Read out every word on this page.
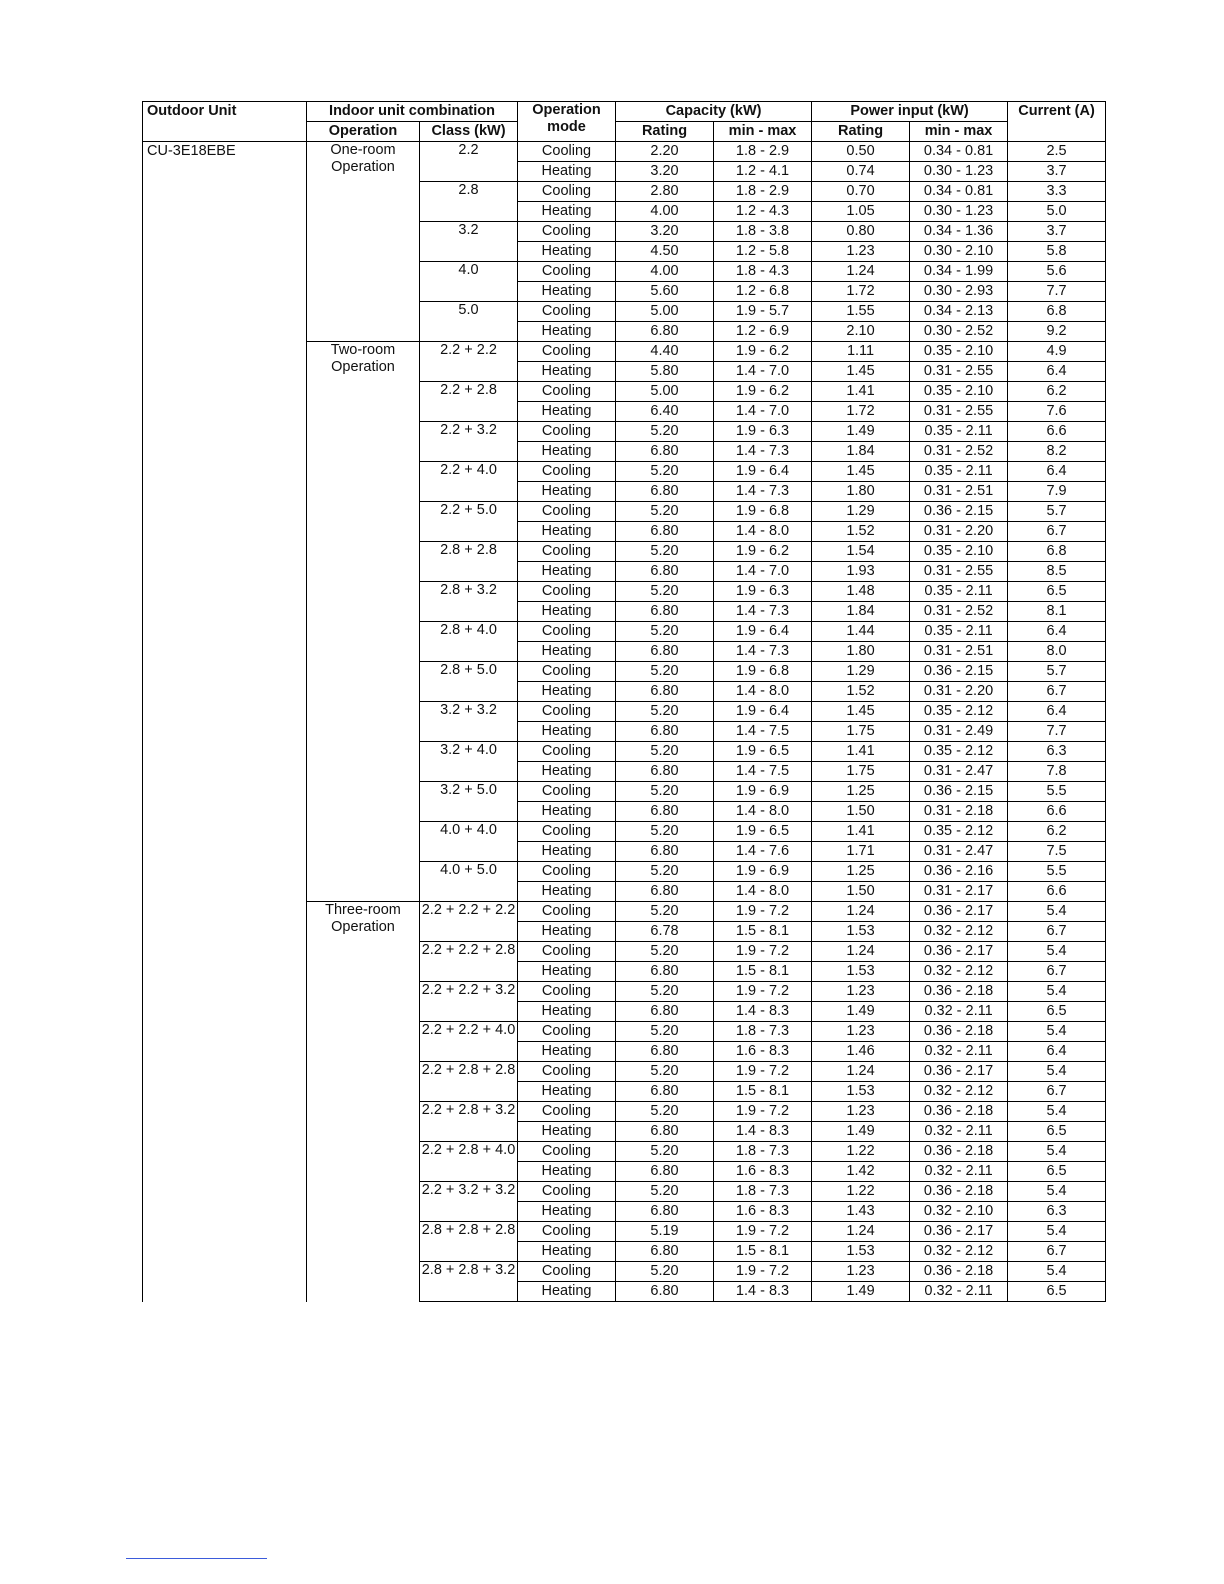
Outdoor Unit	Indoor unit combination		Operation mode	Capacity (kW)		Power input (kW)		Current (A)
	Operation	Class (kW)		Rating	min - max	Rating	min - max	
CU-3E18EBE	One-room Operation	2.2	Cooling	2.20	1.8 - 2.9	0.50	0.34 - 0.81	2.5
			Heating	3.20	1.2 - 4.1	0.74	0.30 - 1.23	3.7
		2.8	Cooling	2.80	1.8 - 2.9	0.70	0.34 - 0.81	3.3
			Heating	4.00	1.2 - 4.3	1.05	0.30 - 1.23	5.0
		3.2	Cooling	3.20	1.8 - 3.8	0.80	0.34 - 1.36	3.7
			Heating	4.50	1.2 - 5.8	1.23	0.30 - 2.10	5.8
		4.0	Cooling	4.00	1.8 - 4.3	1.24	0.34 - 1.99	5.6
			Heating	5.60	1.2 - 6.8	1.72	0.30 - 2.93	7.7
		5.0	Cooling	5.00	1.9 - 5.7	1.55	0.34 - 2.13	6.8
			Heating	6.80	1.2 - 6.9	2.10	0.30 - 2.52	9.2
	Two-room Operation	2.2 + 2.2	Cooling	4.40	1.9 - 6.2	1.11	0.35 - 2.10	4.9
			Heating	5.80	1.4 - 7.0	1.45	0.31 - 2.55	6.4
		2.2 + 2.8	Cooling	5.00	1.9 - 6.2	1.41	0.35 - 2.10	6.2
			Heating	6.40	1.4 - 7.0	1.72	0.31 - 2.55	7.6
		2.2 + 3.2	Cooling	5.20	1.9 - 6.3	1.49	0.35 - 2.11	6.6
			Heating	6.80	1.4 - 7.3	1.84	0.31 - 2.52	8.2
		2.2 + 4.0	Cooling	5.20	1.9 - 6.4	1.45	0.35 - 2.11	6.4
			Heating	6.80	1.4 - 7.3	1.80	0.31 - 2.51	7.9
		2.2 + 5.0	Cooling	5.20	1.9 - 6.8	1.29	0.36 - 2.15	5.7
			Heating	6.80	1.4 - 8.0	1.52	0.31 - 2.20	6.7
		2.8 + 2.8	Cooling	5.20	1.9 - 6.2	1.54	0.35 - 2.10	6.8
			Heating	6.80	1.4 - 7.0	1.93	0.31 - 2.55	8.5
		2.8 + 3.2	Cooling	5.20	1.9 - 6.3	1.48	0.35 - 2.11	6.5
			Heating	6.80	1.4 - 7.3	1.84	0.31 - 2.52	8.1
		2.8 + 4.0	Cooling	5.20	1.9 - 6.4	1.44	0.35 - 2.11	6.4
			Heating	6.80	1.4 - 7.3	1.80	0.31 - 2.51	8.0
		2.8 + 5.0	Cooling	5.20	1.9 - 6.8	1.29	0.36 - 2.15	5.7
			Heating	6.80	1.4 - 8.0	1.52	0.31 - 2.20	6.7
		3.2 + 3.2	Cooling	5.20	1.9 - 6.4	1.45	0.35 - 2.12	6.4
			Heating	6.80	1.4 - 7.5	1.75	0.31 - 2.49	7.7
		3.2 + 4.0	Cooling	5.20	1.9 - 6.5	1.41	0.35 - 2.12	6.3
			Heating	6.80	1.4 - 7.5	1.75	0.31 - 2.47	7.8
		3.2 + 5.0	Cooling	5.20	1.9 - 6.9	1.25	0.36 - 2.15	5.5
			Heating	6.80	1.4 - 8.0	1.50	0.31 - 2.18	6.6
		4.0 + 4.0	Cooling	5.20	1.9 - 6.5	1.41	0.35 - 2.12	6.2
			Heating	6.80	1.4 - 7.6	1.71	0.31 - 2.47	7.5
		4.0 + 5.0	Cooling	5.20	1.9 - 6.9	1.25	0.36 - 2.16	5.5
			Heating	6.80	1.4 - 8.0	1.50	0.31 - 2.17	6.6
	Three-room Operation	2.2 + 2.2 + 2.2	Cooling	5.20	1.9 - 7.2	1.24	0.36 - 2.17	5.4
			Heating	6.78	1.5 - 8.1	1.53	0.32 - 2.12	6.7
		2.2 + 2.2 + 2.8	Cooling	5.20	1.9 - 7.2	1.24	0.36 - 2.17	5.4
			Heating	6.80	1.5 - 8.1	1.53	0.32 - 2.12	6.7
		2.2 + 2.2 + 3.2	Cooling	5.20	1.9 - 7.2	1.23	0.36 - 2.18	5.4
			Heating	6.80	1.4 - 8.3	1.49	0.32 - 2.11	6.5
		2.2 + 2.2 + 4.0	Cooling	5.20	1.8 - 7.3	1.23	0.36 - 2.18	5.4
			Heating	6.80	1.6 - 8.3	1.46	0.32 - 2.11	6.4
		2.2 + 2.8 + 2.8	Cooling	5.20	1.9 - 7.2	1.24	0.36 - 2.17	5.4
			Heating	6.80	1.5 - 8.1	1.53	0.32 - 2.12	6.7
		2.2 + 2.8 + 3.2	Cooling	5.20	1.9 - 7.2	1.23	0.36 - 2.18	5.4
			Heating	6.80	1.4 - 8.3	1.49	0.32 - 2.11	6.5
		2.2 + 2.8 + 4.0	Cooling	5.20	1.8 - 7.3	1.22	0.36 - 2.18	5.4
			Heating	6.80	1.6 - 8.3	1.42	0.32 - 2.11	6.5
		2.2 + 3.2 + 3.2	Cooling	5.20	1.8 - 7.3	1.22	0.36 - 2.18	5.4
			Heating	6.80	1.6 - 8.3	1.43	0.32 - 2.10	6.3
		2.8 + 2.8 + 2.8	Cooling	5.19	1.9 - 7.2	1.24	0.36 - 2.17	5.4
			Heating	6.80	1.5 - 8.1	1.53	0.32 - 2.12	6.7
		2.8 + 2.8 + 3.2	Cooling	5.20	1.9 - 7.2	1.23	0.36 - 2.18	5.4
			Heating	6.80	1.4 - 8.3	1.49	0.32 - 2.11	6.5
